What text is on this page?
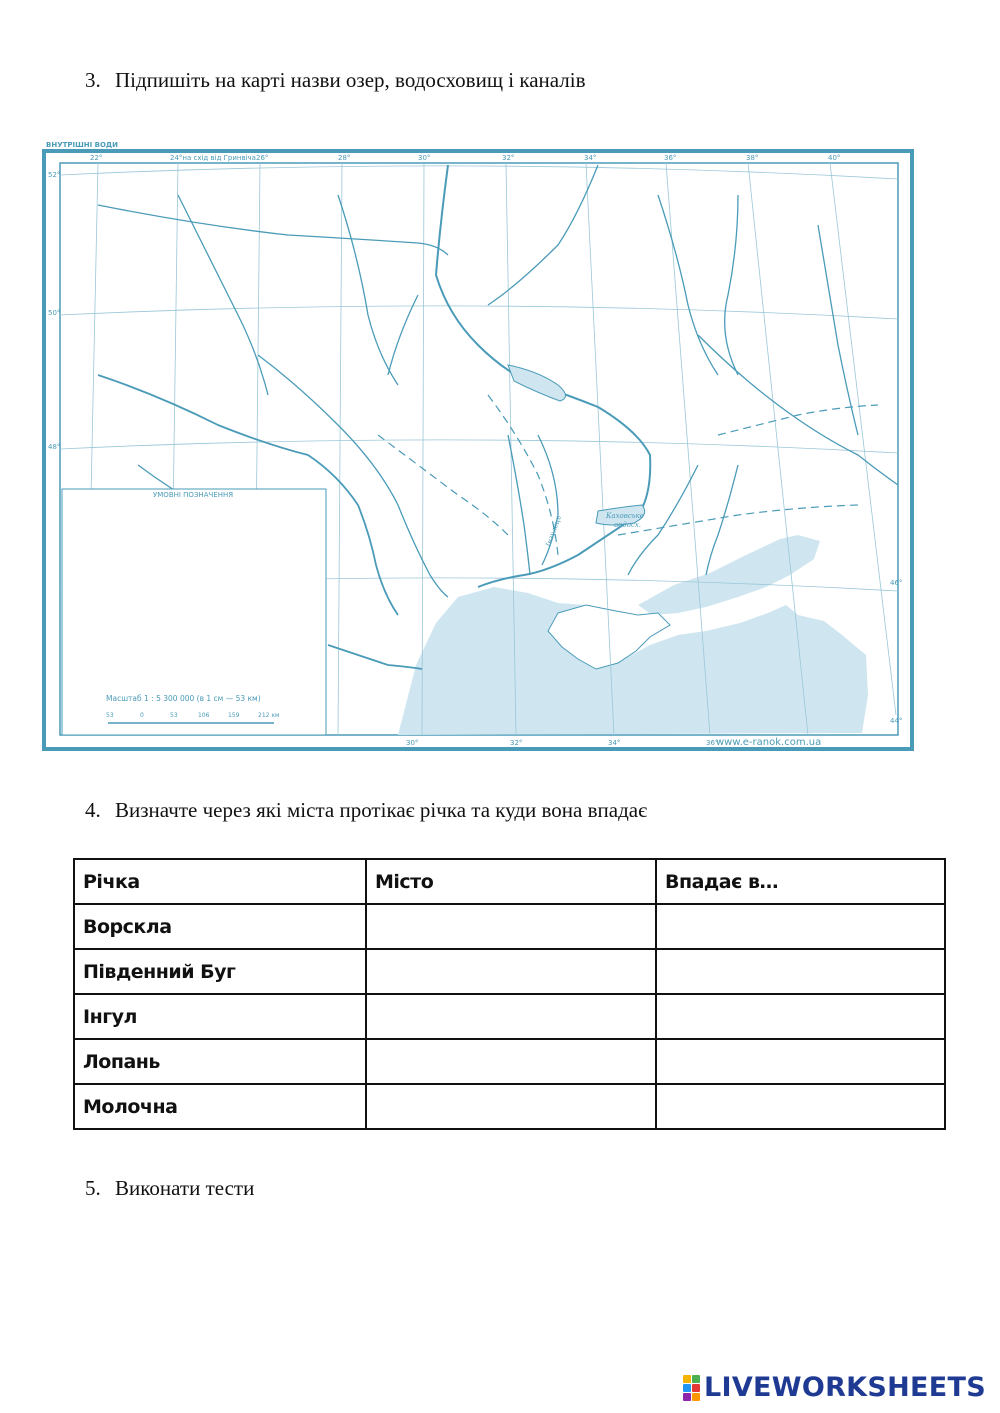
3. Підпишіть на карті назви озер, водосховищ і каналів
ВНУТРІШНІ ВОДИ
22°	24°на схід від Гринвіча 26°	28°	30°	32°	34°	36°	38°	40°
30°	32°	34°	36°
52°
50°
48°
46°
44°
Інгулець	Каховське
водосх.
УМОВНІ ПОЗНАЧЕННЯ
Масштаб 1 : 5 300 000 (в 1 см — 53 км)
53	0	53	106	159	212 км
www.e-ranok.com.ua
4. Визначте через які міста протікає річка та куди вона впадає
Річка	Місто	Впадає в…
Ворскла		
Південний Буг		
Інгул		
Лопань		
Молочна		
5. Виконати тести
LIVEWORKSHEETS
